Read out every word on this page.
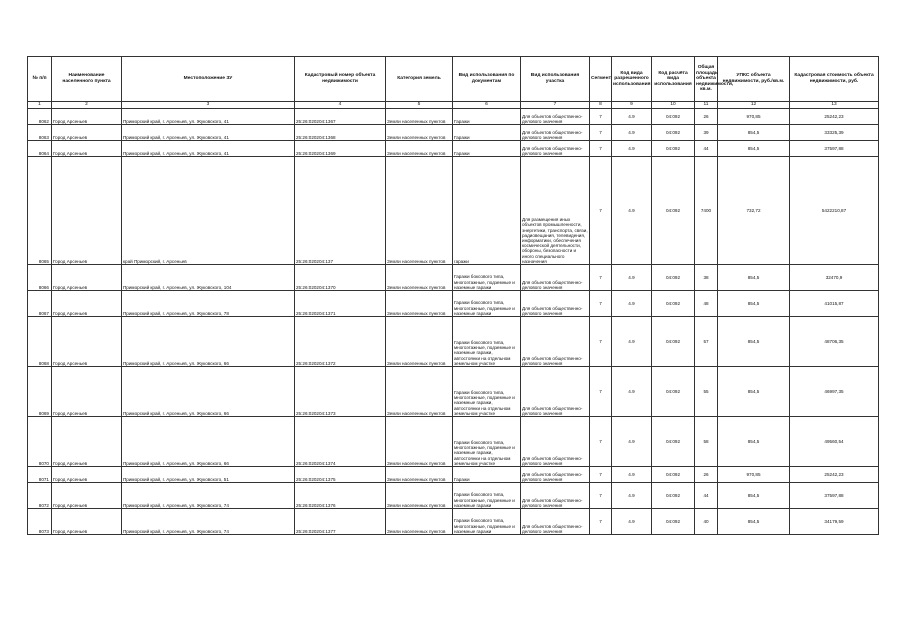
№ п/п	Наименование населенного пункта	Местоположение ЗУ	Кадастровый номер объекта недвижимости	Категория земель	Вид использования по документам	Вид использования участка	Сегмент	Код вида разрешенного использования	Код расчёта вида использования	Общая площадь объекта недвижимости, кв.м.	УПКС объекта недвижимости, руб./кв.м.	Кадастровая стоимость объекта недвижимости, руб.
1	2	3	4	5	6	7	8	9	10	11	12	13
8062	Город Арсеньев	Приморский край, г. Арсеньев, ул. Жуковского, 41	25:26:020204:1367	Земли населенных пунктов	Гаражи	Для объектов общественно-делового значения	7	4.9	04:092	26	970,85	25242,23
8063	Город Арсеньев	Приморский край, г. Арсеньев, ул. Жуковского, 41	25:26:020204:1368	Земли населенных пунктов	Гаражи	Для объектов общественно-делового значения	7	4.9	04:092	39	854,5	33325,39
8064	Город Арсеньев	Приморский край, г. Арсеньев, ул. Жуковского, 41	25:26:020204:1369	Земли населенных пунктов	Гаражи	Для объектов общественно-делового значения	7	4.9	04:092	44	854,5	37597,88
8065	Город Арсеньев	край Приморский, г. Арсеньев	25:26:020204:137	Земли населенных пунктов	гаражи	Для размещения иных объектов промышленности, энергетики, транспорта, связи, радиовещания, телевидения, информатики, обеспечения космической деятельности, обороны, безопасности и иного специального назначения	7	4.9	04:092	7400	732,72	5422210,87
8066	Город Арсеньев	Приморский край, г. Арсеньев, ул. Жуковского, 104	25:26:020204:1370	Земли населенных пунктов	Гаражи боксового типа, многоэтажные, подземные и наземные гаражи	Для объектов общественно-делового значения	7	4.9	04:092	38	854,5	32470,9
8067	Город Арсеньев	Приморский край, г. Арсеньев, ул. Жуковского, 78	25:26:020204:1371	Земли населенных пунктов	Гаражи боксового типа, многоэтажные, подземные и наземные гаражи	Для объектов общественно-делового значения	7	4.9	04:092	48	854,5	41015,87
8068	Город Арсеньев	Приморский край, г. Арсеньев, ул. Жуковского, 66	25:26:020204:1372	Земли населенных пунктов	Гаражи боксового типа, многоэтажные, подземные и наземные гаражи, автостоянки на отдельном земельном участке	Для объектов общественно-делового значения	7	4.9	04:092	57	854,5	48706,35
8069	Город Арсеньев	Приморский край, г. Арсеньев, ул. Жуковского, 66	25:26:020204:1373	Земли населенных пунктов	Гаражи боксового типа, многоэтажные, подземные и наземные гаражи, автостоянки на отдельном земельном участке	Для объектов общественно-делового значения	7	4.9	04:092	55	854,5	46997,35
8070	Город Арсеньев	Приморский край, г. Арсеньев, ул. Жуковского, 66	25:26:020204:1374	Земли населенных пунктов	Гаражи боксового типа, многоэтажные, подземные и наземные гаражи, автостоянки на отдельном земельном участке	Для объектов общественно-делового значения	7	4.9	04:092	58	854,5	49560,54
8071	Город Арсеньев	Приморский край, г. Арсеньев, ул. Жуковского, 51	25:26:020204:1375	Земли населенных пунктов	Гаражи	Для объектов общественно-делового значения	7	4.9	04:092	26	970,85	25242,23
8072	Город Арсеньев	Приморский край, г. Арсеньев, ул. Жуковского, 74	25:26:020204:1376	Земли населенных пунктов	Гаражи боксового типа, многоэтажные, подземные и наземные гаражи	Для объектов общественно-делового значения	7	4.9	04:092	44	854,5	37597,88
8073	Город Арсеньев	Приморский край, г. Арсеньев, ул. Жуковского, 74	25:26:020204:1377	Земли населенных пунктов	Гаражи боксового типа, многоэтажные, подземные и наземные гаражи	Для объектов общественно-делового значения	7	4.9	04:092	40	854,5	34179,59
